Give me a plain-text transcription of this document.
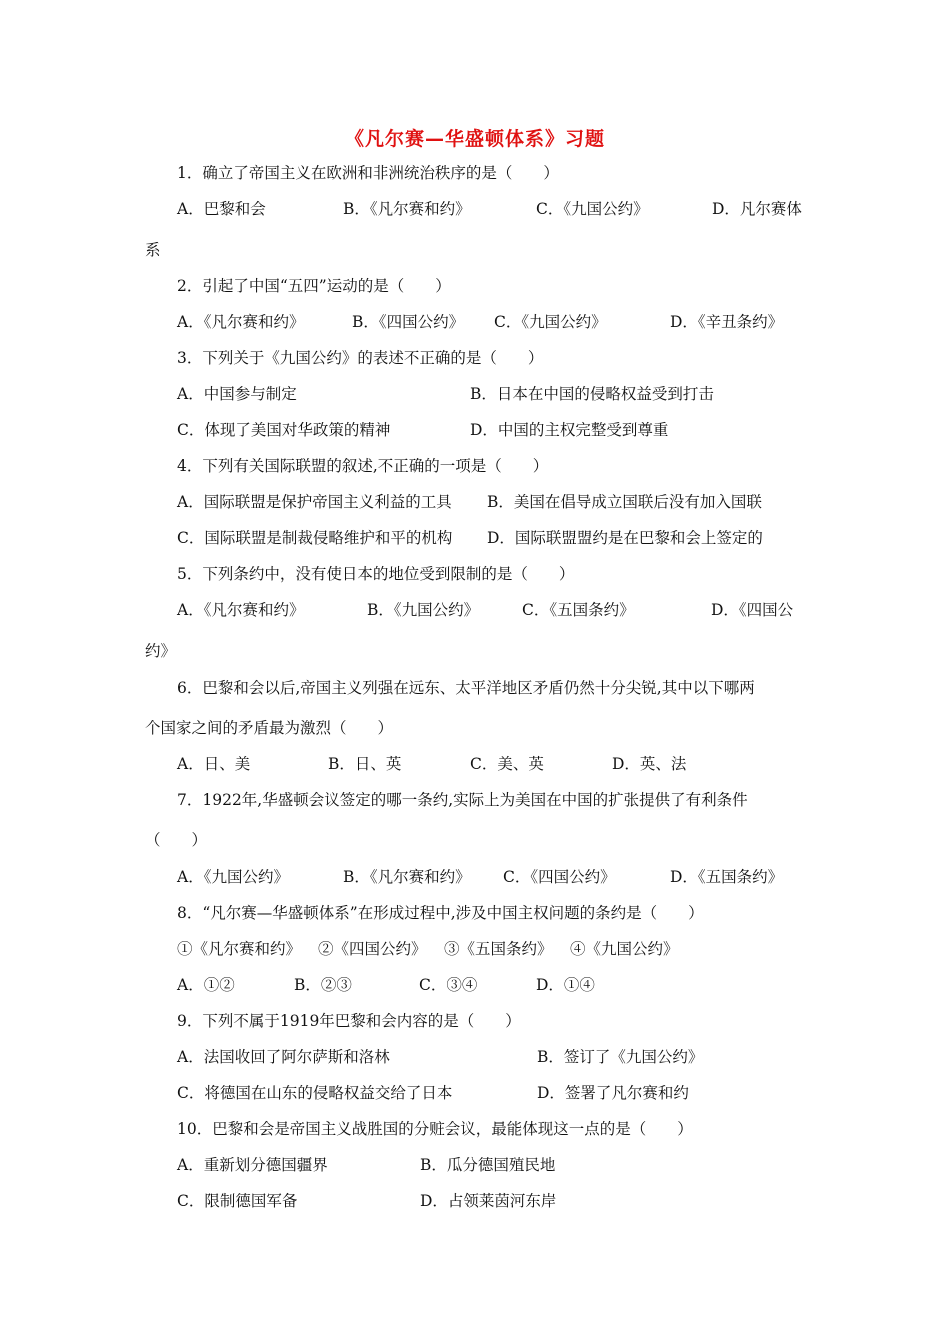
《凡尔赛—华盛顿体系》习题
1．确立了帝国主义在欧洲和非洲统治秩序的是（　　）
A．巴黎和会	B．《凡尔赛和约》	C．《九国公约》	D．凡尔赛体
系
2．引起了中国“五四”运动的是（　　）
A．《凡尔赛和约》	B．《四国公约》 C．《九国公约》	D．《辛丑条约》
3．下列关于《九国公约》的表述不正确的是（　　）
A．中国参与制定	B．日本在中国的侵略权益受到打击
C．体现了美国对华政策的精神	D．中国的主权完整受到尊重
4．下列有关国际联盟的叙述,不正确的一项是（　　）
A．国际联盟是保护帝国主义利益的工具 B．美国在倡导成立国联后没有加入国联
C．国际联盟是制裁侵略维护和平的机构 D．国际联盟盟约是在巴黎和会上签定的
5．下列条约中，没有使日本的地位受到限制的是（　　）
A．《凡尔赛和约》	B．《九国公约》	C．《五国条约》	D．《四国公
约》
6．巴黎和会以后,帝国主义列强在远东、太平洋地区矛盾仍然十分尖锐,其中以下哪两
个国家之间的矛盾最为激烈（　　）
A．日、美	B．日、英	C．美、英	D．英、法
7．1922年,华盛顿会议签定的哪一条约,实际上为美国在中国的扩张提供了有利条件
（　　）
A．《九国公约》	B．《凡尔赛和约》 C．《四国公约》	D．《五国条约》
8．“凡尔赛—华盛顿体系”在形成过程中,涉及中国主权问题的条约是（　　）
①《凡尔赛和约》 ②《四国公约》 ③《五国条约》 ④《九国公约》
A．①②	B．②③	C．③④	D．①④
9．下列不属于1919年巴黎和会内容的是（　　）
A．法国收回了阿尔萨斯和洛林	B．签订了《九国公约》
C．将德国在山东的侵略权益交给了日本	D．签署了凡尔赛和约
10．巴黎和会是帝国主义战胜国的分赃会议，最能体现这一点的是（　　）
A．重新划分德国疆界	B．瓜分德国殖民地
C．限制德国军备	D．占领莱茵河东岸
